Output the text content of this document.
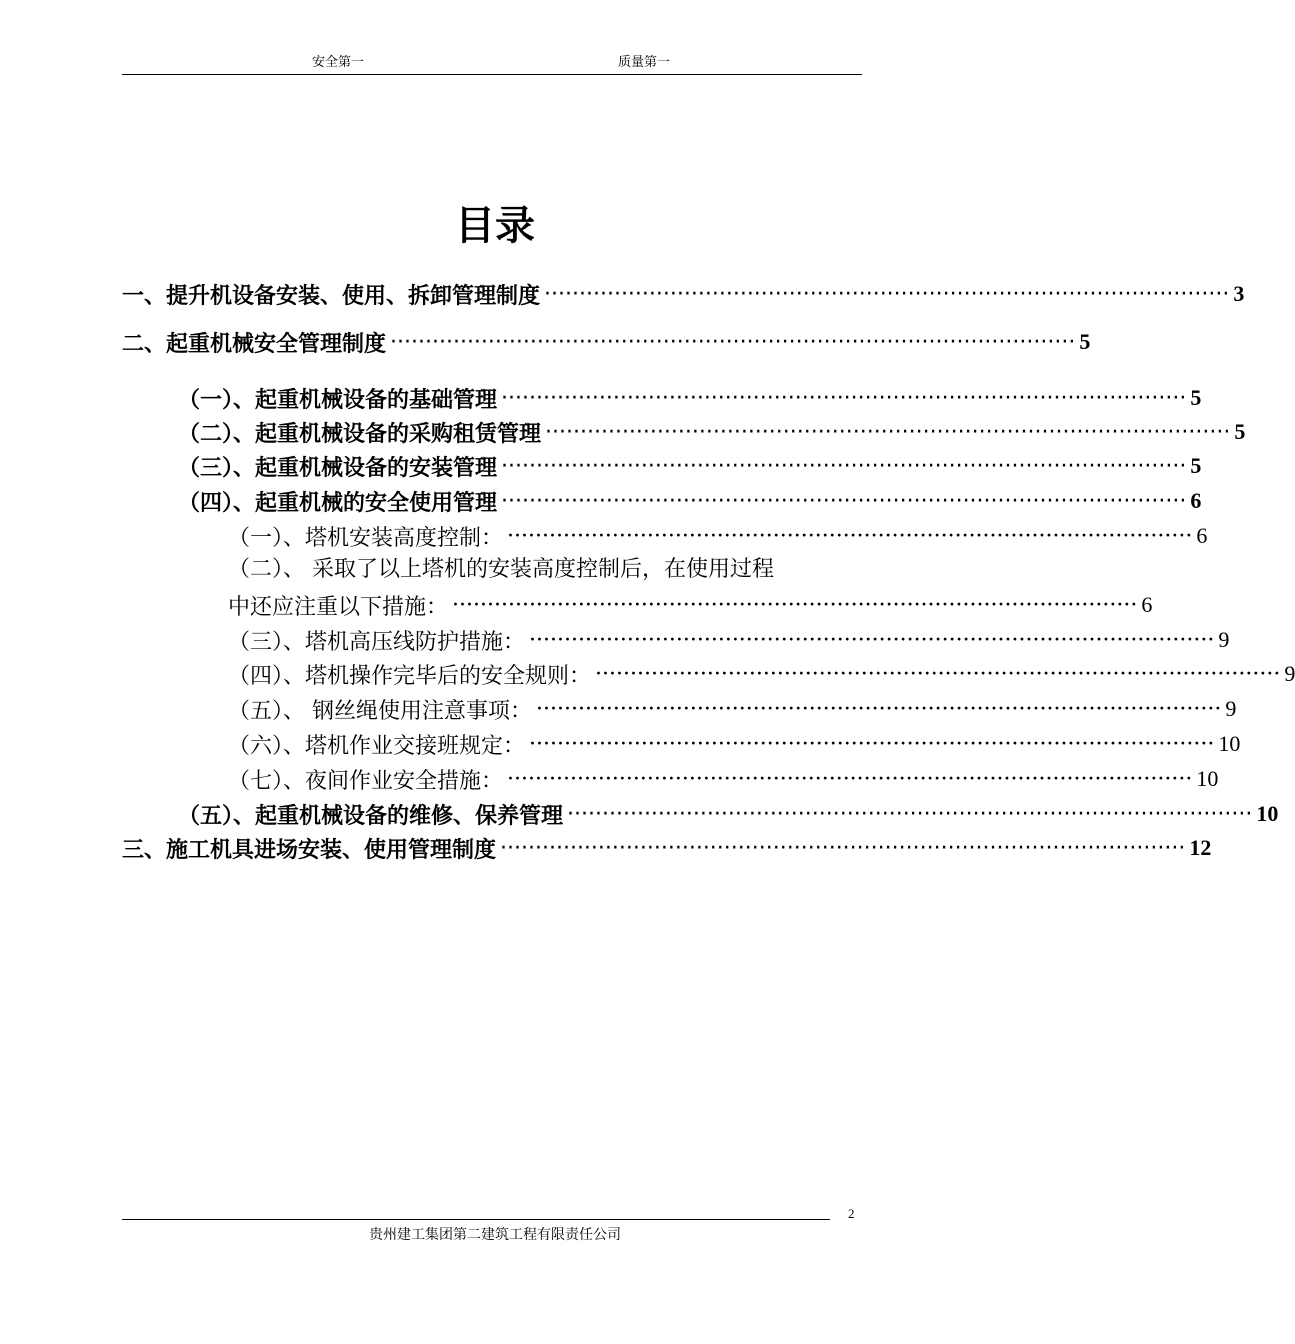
安全第一	质量第一
目录
一、提升机设备安装、使用、拆卸管理制度 ·································································································· 3
二、起重机械安全管理制度 ·································································································· 5
（一）、起重机械设备的基础管理 ·································································································· 5
（二）、起重机械设备的采购租赁管理 ·································································································· 5
（三）、起重机械设备的安装管理 ·································································································· 5
（四）、起重机械的安全使用管理 ·································································································· 6
（一）、塔机安装高度控制： ·································································································· 6
（二）、 采取了以上塔机的安装高度控制后，在使用过程
中还应注重以下措施： ·································································································· 6
（三）、塔机高压线防护措施： ·································································································· 9
（四）、塔机操作完毕后的安全规则： ·································································································· 9
（五）、 钢丝绳使用注意事项： ·································································································· 9
（六）、塔机作业交接班规定： ·································································································· 10
（七）、夜间作业安全措施： ·································································································· 10
（五）、起重机械设备的维修、保养管理 ·································································································· 10
三、施工机具进场安装、使用管理制度 ·································································································· 12
2
贵州建工集团第二建筑工程有限责任公司
